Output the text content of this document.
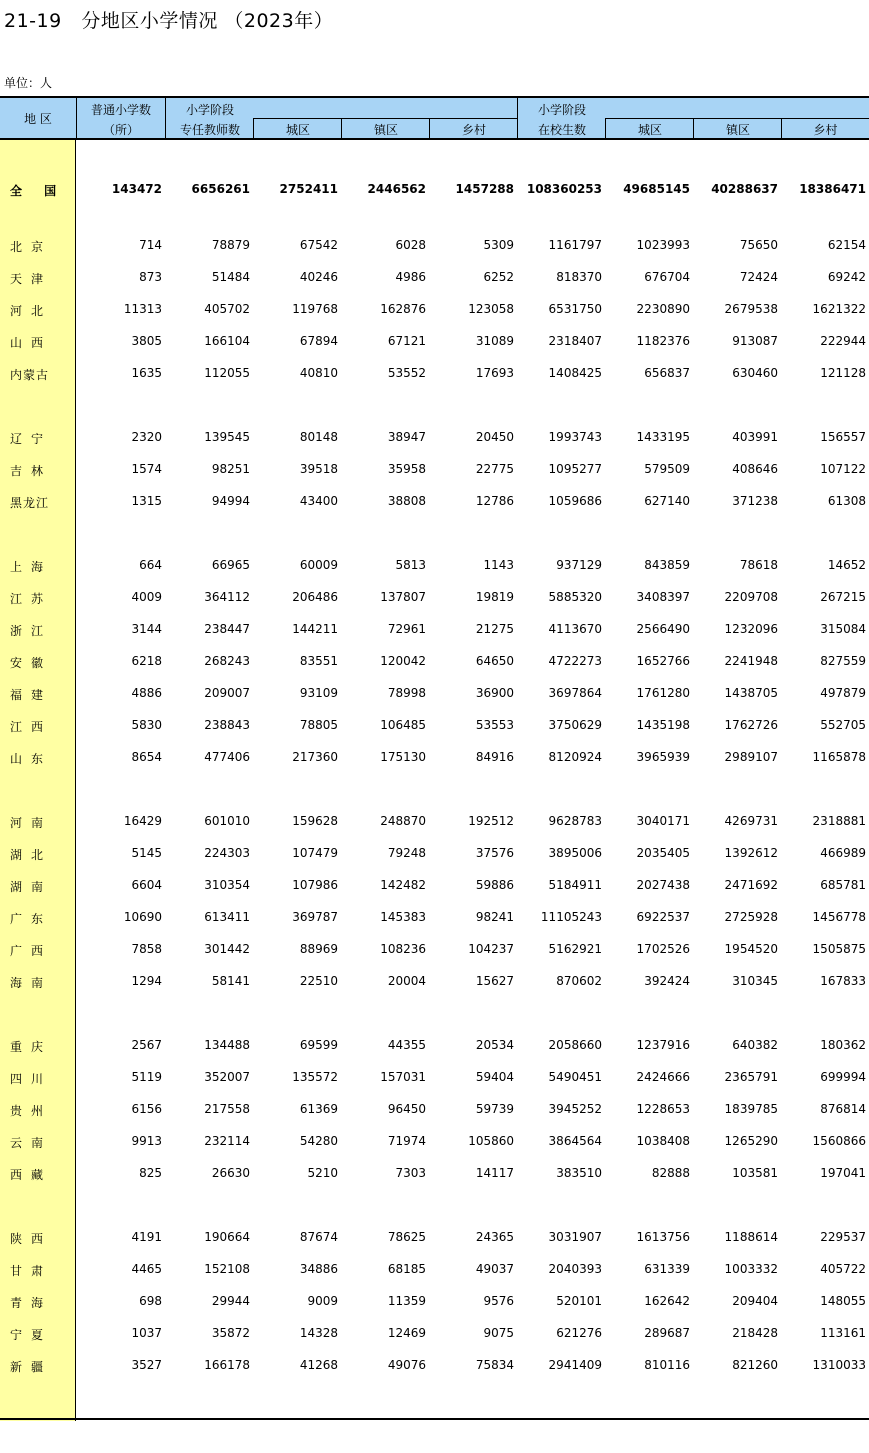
21-19   分地区小学情况 （2023年）
单位：人
地 区
普通小学数
（所）
小学阶段
专任教师数	城区	镇区	乡村
小学阶段
在校生数	城区	镇区	乡村
全 国	143472	6656261	2752411	2446562	1457288	108360253	49685145	40288637	18386471
北京	714	78879	67542	6028	5309	1161797	1023993	75650	62154
天津	873	51484	40246	4986	6252	818370	676704	72424	69242
河北	11313	405702	119768	162876	123058	6531750	2230890	2679538	1621322
山西	3805	166104	67894	67121	31089	2318407	1182376	913087	222944
内蒙古	1635	112055	40810	53552	17693	1408425	656837	630460	121128
辽宁	2320	139545	80148	38947	20450	1993743	1433195	403991	156557
吉林	1574	98251	39518	35958	22775	1095277	579509	408646	107122
黑龙江	1315	94994	43400	38808	12786	1059686	627140	371238	61308
上海	664	66965	60009	5813	1143	937129	843859	78618	14652
江苏	4009	364112	206486	137807	19819	5885320	3408397	2209708	267215
浙江	3144	238447	144211	72961	21275	4113670	2566490	1232096	315084
安徽	6218	268243	83551	120042	64650	4722273	1652766	2241948	827559
福建	4886	209007	93109	78998	36900	3697864	1761280	1438705	497879
江西	5830	238843	78805	106485	53553	3750629	1435198	1762726	552705
山东	8654	477406	217360	175130	84916	8120924	3965939	2989107	1165878
河南	16429	601010	159628	248870	192512	9628783	3040171	4269731	2318881
湖北	5145	224303	107479	79248	37576	3895006	2035405	1392612	466989
湖南	6604	310354	107986	142482	59886	5184911	2027438	2471692	685781
广东	10690	613411	369787	145383	98241	11105243	6922537	2725928	1456778
广西	7858	301442	88969	108236	104237	5162921	1702526	1954520	1505875
海南	1294	58141	22510	20004	15627	870602	392424	310345	167833
重庆	2567	134488	69599	44355	20534	2058660	1237916	640382	180362
四川	5119	352007	135572	157031	59404	5490451	2424666	2365791	699994
贵州	6156	217558	61369	96450	59739	3945252	1228653	1839785	876814
云南	9913	232114	54280	71974	105860	3864564	1038408	1265290	1560866
西藏	825	26630	5210	7303	14117	383510	82888	103581	197041
陕西	4191	190664	87674	78625	24365	3031907	1613756	1188614	229537
甘肃	4465	152108	34886	68185	49037	2040393	631339	1003332	405722
青海	698	29944	9009	11359	9576	520101	162642	209404	148055
宁夏	1037	35872	14328	12469	9075	621276	289687	218428	113161
新疆	3527	166178	41268	49076	75834	2941409	810116	821260	1310033
